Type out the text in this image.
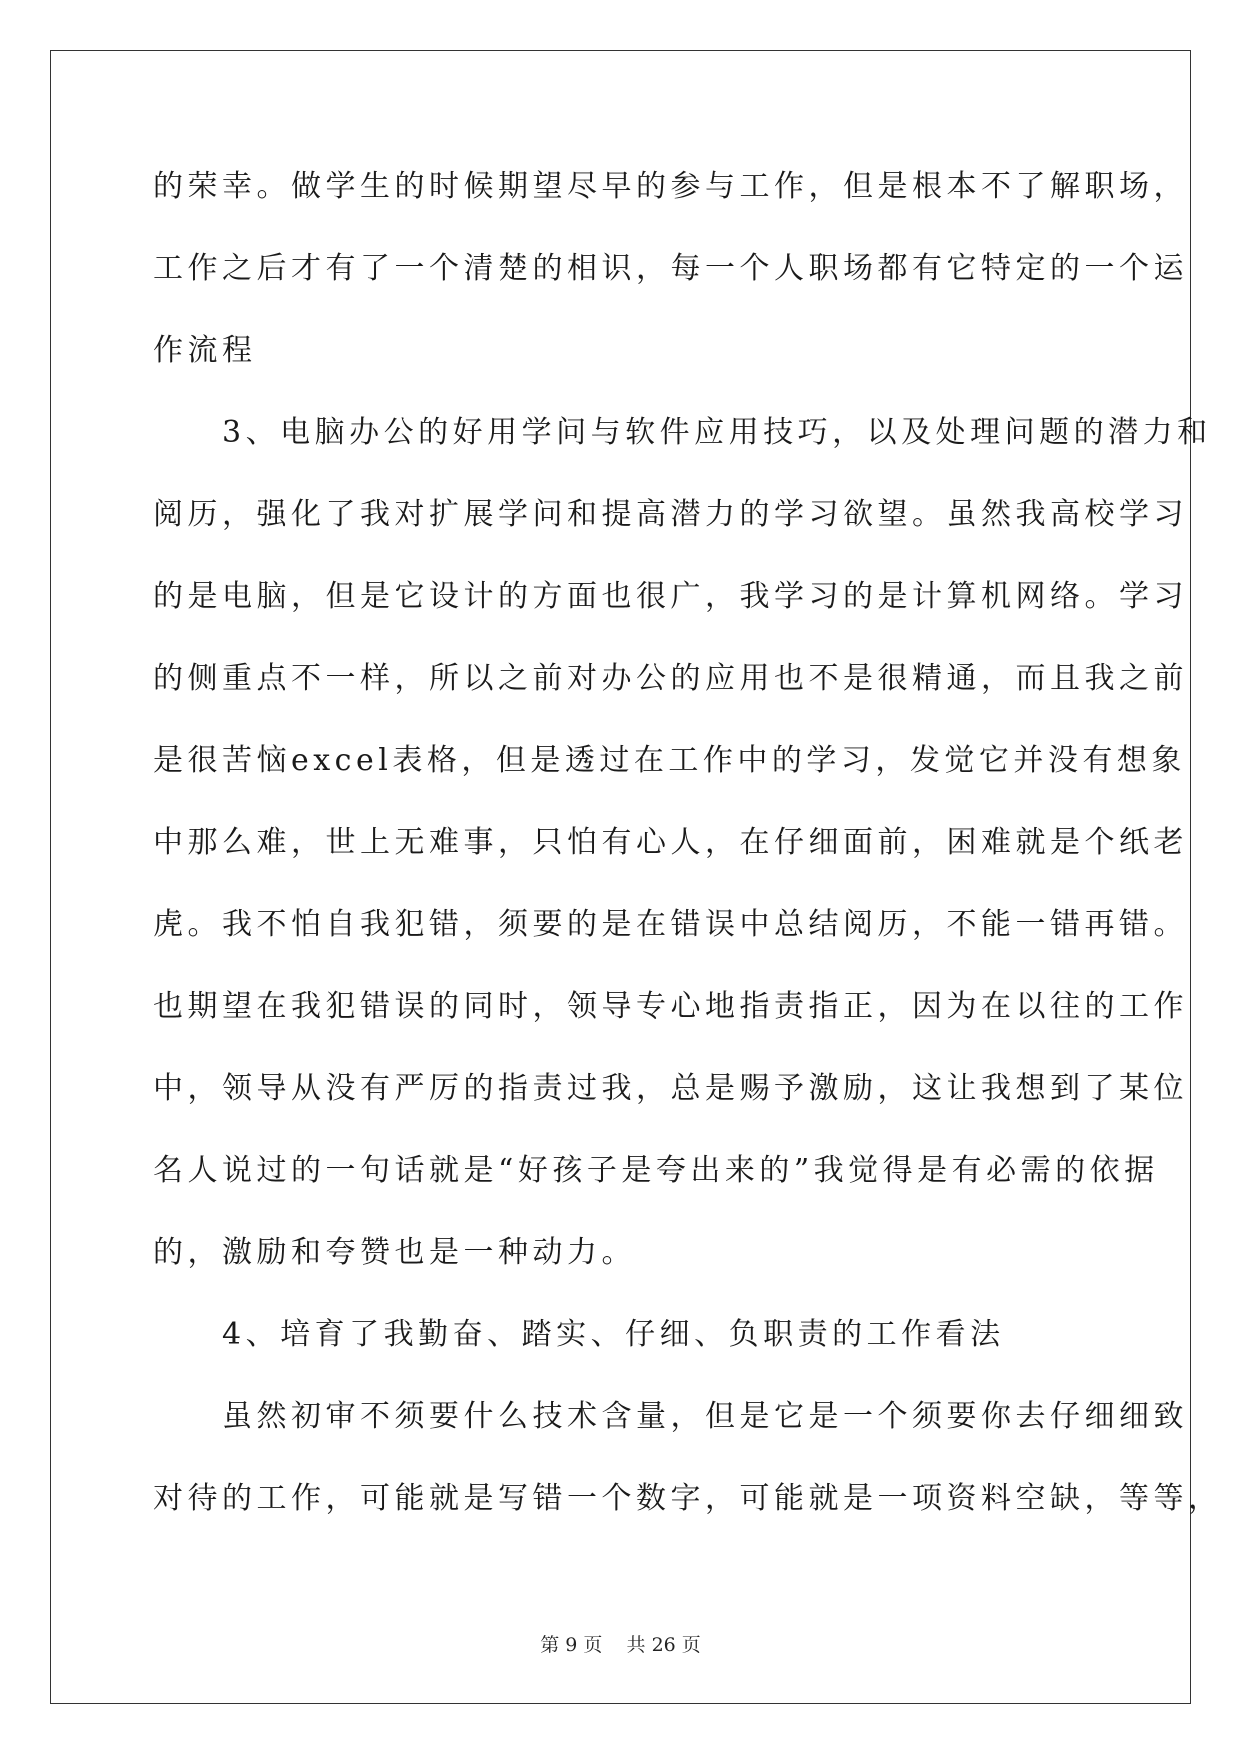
的荣幸。做学生的时候期望尽早的参与工作，但是根本不了解职场，
工作之后才有了一个清楚的相识，每一个人职场都有它特定的一个运
作流程
　　3、电脑办公的好用学问与软件应用技巧，以及处理问题的潜力和
阅历，强化了我对扩展学问和提高潜力的学习欲望。虽然我高校学习
的是电脑，但是它设计的方面也很广，我学习的是计算机网络。学习
的侧重点不一样，所以之前对办公的应用也不是很精通，而且我之前
是很苦恼excel表格，但是透过在工作中的学习，发觉它并没有想象
中那么难，世上无难事，只怕有心人，在仔细面前，困难就是个纸老
虎。我不怕自我犯错，须要的是在错误中总结阅历，不能一错再错。
也期望在我犯错误的同时，领导专心地指责指正，因为在以往的工作
中，领导从没有严厉的指责过我，总是赐予激励，这让我想到了某位
名人说过的一句话就是“好孩子是夸出来的”我觉得是有必需的依据
的，激励和夸赞也是一种动力。
　　4、培育了我勤奋、踏实、仔细、负职责的工作看法
　　虽然初审不须要什么技术含量，但是它是一个须要你去仔细细致
对待的工作，可能就是写错一个数字，可能就是一项资料空缺，等等，
第 9 页    共 26 页
